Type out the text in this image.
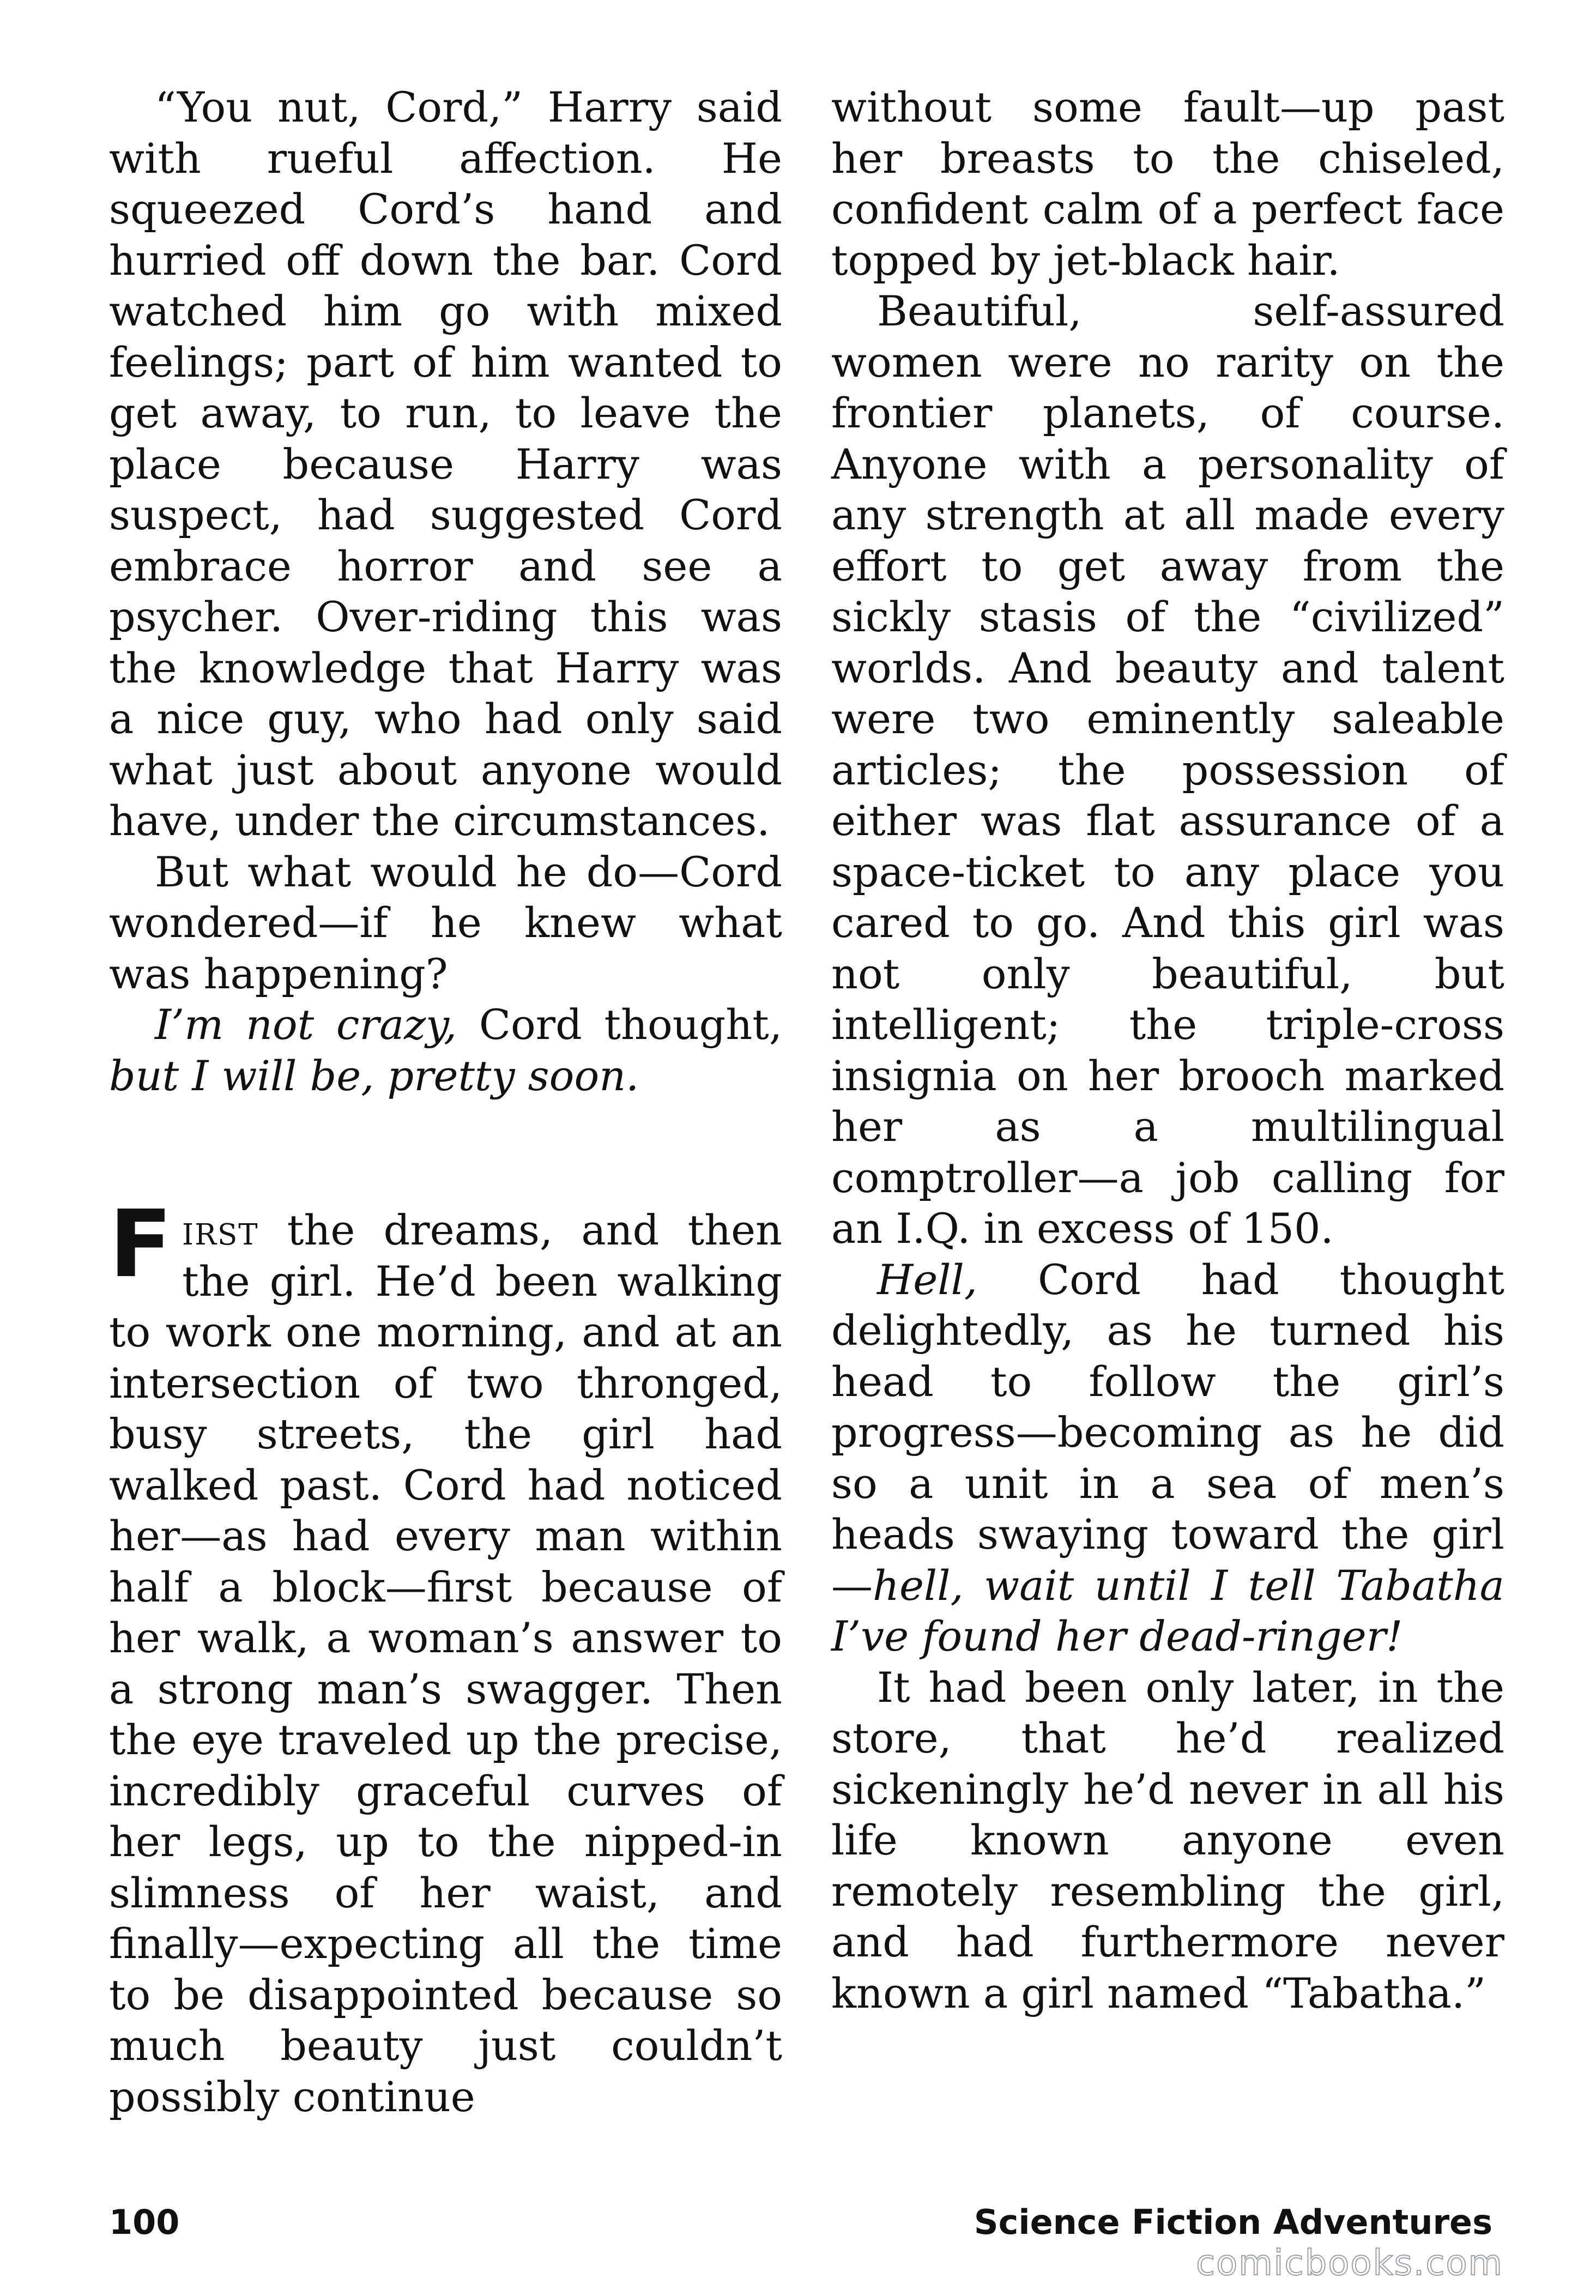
“You nut, Cord,” Harry said with rueful affection. He squeezed Cord’s hand and hurried off down the bar. Cord watched him go with mixed feelings; part of him wanted to get away, to run, to leave the place because Harry was suspect, had suggested Cord embrace horror and see a psycher. Over-riding this was the knowledge that Harry was a nice guy, who had only said what just about anyone would have, under the circumstances.

But what would he do—Cord wondered—if he knew what was happening?

I’m not crazy, Cord thought, but I will be, pretty soon.

First the dreams, and then the girl. He’d been walking to work one morning, and at an intersection of two thronged, busy streets, the girl had walked past. Cord had noticed her—as had every man within half a block—first because of her walk, a woman’s answer to a strong man’s swagger. Then the eye traveled up the precise, incredibly graceful curves of her legs, up to the nipped-in slimness of her waist, and finally—expecting all the time to be disappointed because so much beauty just couldn’t possibly continue

without some fault—up past her breasts to the chiseled, confident calm of a perfect face topped by jet-black hair.

Beautiful, self-assured women were no rarity on the frontier planets, of course. Anyone with a personality of any strength at all made every effort to get away from the sickly stasis of the “civilized” worlds. And beauty and talent were two eminently saleable articles; the possession of either was flat assurance of a space-ticket to any place you cared to go. And this girl was not only beautiful, but intelligent; the triple-cross insignia on her brooch marked her as a multilingual comptroller—a job calling for an I.Q. in excess of 150.

Hell, Cord had thought delightedly, as he turned his head to follow the girl’s progress—becoming as he did so a unit in a sea of men’s heads swaying toward the girl—hell, wait until I tell Tabatha I’ve found her dead-ringer!

It had been only later, in the store, that he’d realized sickeningly he’d never in all his life known anyone even remotely resembling the girl, and had furthermore never known a girl named “Tabatha.”

100	Science Fiction Adventures
comicbooks.com
